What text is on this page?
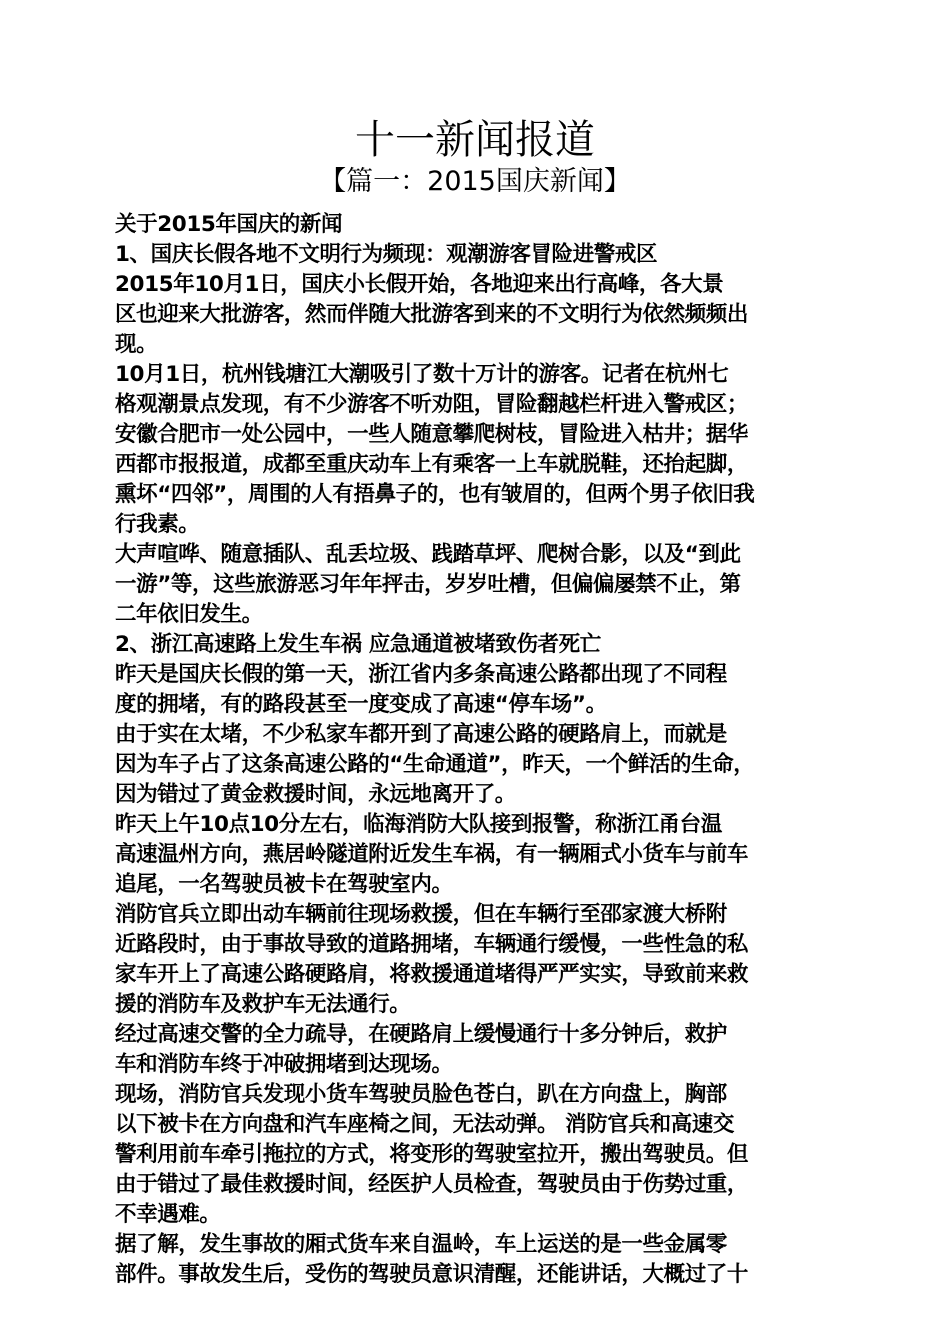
十一新闻报道
【篇一：2015国庆新闻】

关于2015年国庆的新闻

1、国庆长假各地不文明行为频现：观潮游客冒险进警戒区

2015年10月1日，国庆小长假开始，各地迎来出行高峰，各大景

区也迎来大批游客，然而伴随大批游客到来的不文明行为依然频频出

现。

10月1日，杭州钱塘江大潮吸引了数十万计的游客。记者在杭州七

格观潮景点发现，有不少游客不听劝阻，冒险翻越栏杆进入警戒区；

安徽合肥市一处公园中，一些人随意攀爬树枝，冒险进入枯井；据华

西都市报报道，成都至重庆动车上有乘客一上车就脱鞋，还抬起脚，

熏坏“四邻”，周围的人有捂鼻子的，也有皱眉的，但两个男子依旧我

行我素。

大声喧哗、随意插队、乱丢垃圾、践踏草坪、爬树合影，以及“到此

一游”等，这些旅游恶习年年抨击，岁岁吐槽，但偏偏屡禁不止，第

二年依旧发生。

2、浙江高速路上发生车祸 应急通道被堵致伤者死亡

昨天是国庆长假的第一天，浙江省内多条高速公路都出现了不同程

度的拥堵，有的路段甚至一度变成了高速“停车场”。

由于实在太堵，不少私家车都开到了高速公路的硬路肩上，而就是

因为车子占了这条高速公路的“生命通道”，昨天，一个鲜活的生命，

因为错过了黄金救援时间，永远地离开了。

昨天上午10点10分左右，临海消防大队接到报警，称浙江甬台温

高速温州方向，燕居岭隧道附近发生车祸，有一辆厢式小货车与前车

追尾，一名驾驶员被卡在驾驶室内。

消防官兵立即出动车辆前往现场救援，但在车辆行至邵家渡大桥附

近路段时，由于事故导致的道路拥堵，车辆通行缓慢，一些性急的私

家车开上了高速公路硬路肩，将救援通道堵得严严实实，导致前来救

援的消防车及救护车无法通行。

经过高速交警的全力疏导，在硬路肩上缓慢通行十多分钟后，救护

车和消防车终于冲破拥堵到达现场。

现场，消防官兵发现小货车驾驶员脸色苍白，趴在方向盘上，胸部

以下被卡在方向盘和汽车座椅之间，无法动弹。 消防官兵和高速交

警利用前车牵引拖拉的方式，将变形的驾驶室拉开，搬出驾驶员。但

由于错过了最佳救援时间，经医护人员检查，驾驶员由于伤势过重，

不幸遇难。

据了解，发生事故的厢式货车来自温岭，车上运送的是一些金属零

部件。事故发生后，受伤的驾驶员意识清醒，还能讲话，大概过了十
